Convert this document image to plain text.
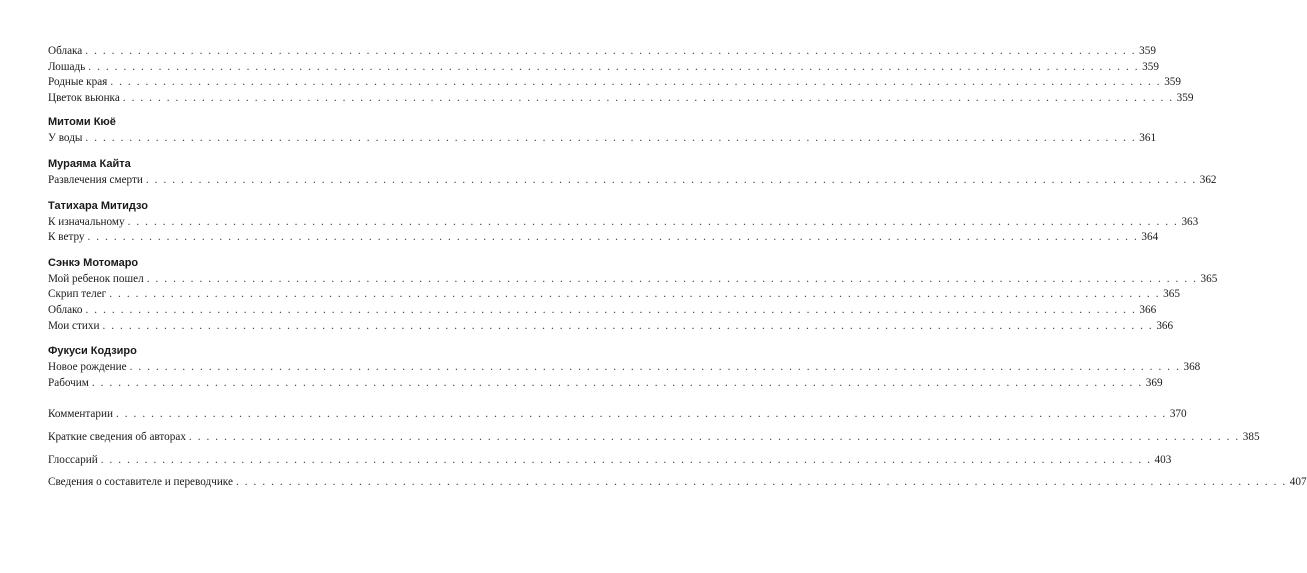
Облака . . . . . . . . . . . . . . . . . . . . . . . . . . . . . . . . . . . . . . . . . . . . . . . . . . . . . . . . . . . . . . . . . . . . . . . . . . . . . . . . . . . . . . . . . . . . . . . . . . . . . . . . . . . . . . . . . . . . . . . . 359
Лошадь . . . . . . . . . . . . . . . . . . . . . . . . . . . . . . . . . . . . . . . . . . . . . . . . . . . . . . . . . . . . . . . . . . . . . . . . . . . . . . . . . . . . . . . . . . . . . . . . . . . . . . . . . . . . . . . . . . . . . . . . 359
Родные края . . . . . . . . . . . . . . . . . . . . . . . . . . . . . . . . . . . . . . . . . . . . . . . . . . . . . . . . . . . . . . . . . . . . . . . . . . . . . . . . . . . . . . . . . . . . . . . . . . . . . . . . . . . . . . . . . . . . . . . . 359
Цветок вьюнка . . . . . . . . . . . . . . . . . . . . . . . . . . . . . . . . . . . . . . . . . . . . . . . . . . . . . . . . . . . . . . . . . . . . . . . . . . . . . . . . . . . . . . . . . . . . . . . . . . . . . . . . . . . . . . . . . . . . . . . . 359
Митоми Кюё
У воды . . . . . . . . . . . . . . . . . . . . . . . . . . . . . . . . . . . . . . . . . . . . . . . . . . . . . . . . . . . . . . . . . . . . . . . . . . . . . . . . . . . . . . . . . . . . . . . . . . . . . . . . . . . . . . . . . . . . . . . . 361
Мураяма Кайта
Развлечения смерти . . . . . . . . . . . . . . . . . . . . . . . . . . . . . . . . . . . . . . . . . . . . . . . . . . . . . . . . . . . . . . . . . . . . . . . . . . . . . . . . . . . . . . . . . . . . . . . . . . . . . . . . . . . . . . . . . . . . . . . . 362
Татихара Митидзо
К изначальному . . . . . . . . . . . . . . . . . . . . . . . . . . . . . . . . . . . . . . . . . . . . . . . . . . . . . . . . . . . . . . . . . . . . . . . . . . . . . . . . . . . . . . . . . . . . . . . . . . . . . . . . . . . . . . . . . . . . . . . . 363
К ветру . . . . . . . . . . . . . . . . . . . . . . . . . . . . . . . . . . . . . . . . . . . . . . . . . . . . . . . . . . . . . . . . . . . . . . . . . . . . . . . . . . . . . . . . . . . . . . . . . . . . . . . . . . . . . . . . . . . . . . . . 364
Сэнкэ Мотомаро
Мой ребенок пошел . . . . . . . . . . . . . . . . . . . . . . . . . . . . . . . . . . . . . . . . . . . . . . . . . . . . . . . . . . . . . . . . . . . . . . . . . . . . . . . . . . . . . . . . . . . . . . . . . . . . . . . . . . . . . . . . . . . . . . . . 365
Скрип телег . . . . . . . . . . . . . . . . . . . . . . . . . . . . . . . . . . . . . . . . . . . . . . . . . . . . . . . . . . . . . . . . . . . . . . . . . . . . . . . . . . . . . . . . . . . . . . . . . . . . . . . . . . . . . . . . . . . . . . . . 365
Облако . . . . . . . . . . . . . . . . . . . . . . . . . . . . . . . . . . . . . . . . . . . . . . . . . . . . . . . . . . . . . . . . . . . . . . . . . . . . . . . . . . . . . . . . . . . . . . . . . . . . . . . . . . . . . . . . . . . . . . . . 366
Мои стихи . . . . . . . . . . . . . . . . . . . . . . . . . . . . . . . . . . . . . . . . . . . . . . . . . . . . . . . . . . . . . . . . . . . . . . . . . . . . . . . . . . . . . . . . . . . . . . . . . . . . . . . . . . . . . . . . . . . . . . . . 366
Фукуси Кодзиро
Новое рождение . . . . . . . . . . . . . . . . . . . . . . . . . . . . . . . . . . . . . . . . . . . . . . . . . . . . . . . . . . . . . . . . . . . . . . . . . . . . . . . . . . . . . . . . . . . . . . . . . . . . . . . . . . . . . . . . . . . . . . . . 368
Рабочим . . . . . . . . . . . . . . . . . . . . . . . . . . . . . . . . . . . . . . . . . . . . . . . . . . . . . . . . . . . . . . . . . . . . . . . . . . . . . . . . . . . . . . . . . . . . . . . . . . . . . . . . . . . . . . . . . . . . . . . . 369
Комментарии . . . . . . . . . . . . . . . . . . . . . . . . . . . . . . . . . . . . . . . . . . . . . . . . . . . . . . . . . . . . . . . . . . . . . . . . . . . . . . . . . . . . . . . . . . . . . . . . . . . . . . . . . . . . . . . . . . . . . . . . 370
Краткие сведения об авторах . . . . . . . . . . . . . . . . . . . . . . . . . . . . . . . . . . . . . . . . . . . . . . . . . . . . . . . . . . . . . . . . . . . . . . . . . . . . . . . . . . . . . . . . . . . . . . . . . . . . . . . . . . . . . . . . . . . . . . . . 385
Глоссарий . . . . . . . . . . . . . . . . . . . . . . . . . . . . . . . . . . . . . . . . . . . . . . . . . . . . . . . . . . . . . . . . . . . . . . . . . . . . . . . . . . . . . . . . . . . . . . . . . . . . . . . . . . . . . . . . . . . . . . . . 403
Сведения о составителе и переводчике . . . . . . . . . . . . . . . . . . . . . . . . . . . . . . . . . . . . . . . . . . . . . . . . . . . . . . . . . . . . . . . . . . . . . . . . . . . . . . . . . . . . . . . . . . . . . . . . . . . . . . . . . . . . . . . . . . . . . . . . 407
